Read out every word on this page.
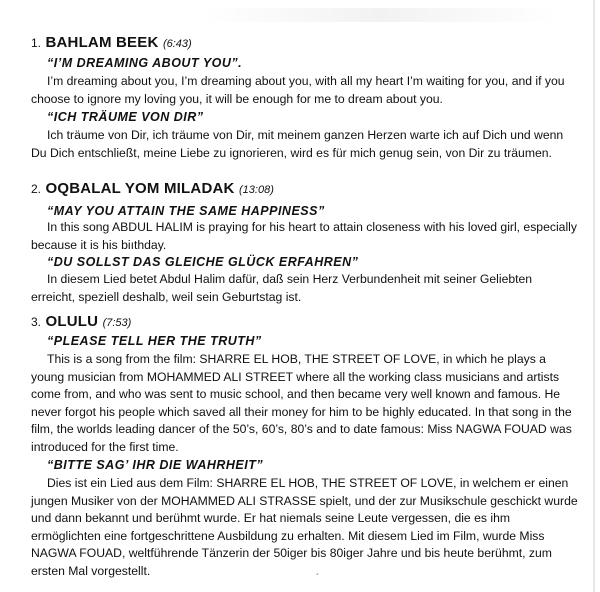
1. BAHLAM BEEK (6:43)
“I’M DREAMING ABOUT YOU”.
I’m dreaming about you, I’m dreaming about you, with all my heart I’m waiting for you, and if you choose to ignore my loving you, it will be enough for me to dream about you.
“ICH TRÄUME VON DIR”
Ich träume von Dir, ich träume von Dir, mit meinem ganzen Herzen warte ich auf Dich und wenn Du Dich entschließt, meine Liebe zu ignorieren, wird es für mich genug sein, von Dir zu träumen.
2. OQBALAL YOM MILADAK (13:08)
“MAY YOU ATTAIN THE SAME HAPPINESS”
In this song ABDUL HALIM is praying for his heart to attain closeness with his loved girl, especially because it is his biıthday.
“DU SOLLST DAS GLEICHE GLÜCK ERFAHREN”
In diesem Lied betet Abdul Halim dafür, daß sein Herz Verbundenheit mit seiner Geliebten erreicht, speziell deshalb, weil sein Geburtstag ist.
3. OLULU (7:53)
“PLEASE TELL HER THE TRUTH”
This is a song from the film: SHARRE EL HOB, THE STREET OF LOVE, in which he plays a young musician from MOHAMMED ALI STREET where all the working class musicians and artists come from, and who was sent to music school, and then became very well known and famous. He never forgot his people which saved all their money for him to be highly educated. In that song in the film, the worlds leading dancer of the 50’s, 60’s, 80’s and to date famous: Miss NAGWA FOUAD was introduced for the first time.
“BITTE SAG’ IHR DIE WAHRHEIT”
Dies ist ein Lied aus dem Film: SHARRE EL HOB, THE STREET OF LOVE, in welchem er einen jungen Musiker von der MOHAMMED ALI STRASSE spielt, und der zur Musikschule geschickt wurde und dann bekannt und berühmt wurde. Er hat niemals seine Leute vergessen, die es ihm ermöglichten eine fortgeschrittene Ausbildung zu erhalten. Mit diesem Lied im Film, wurde Miss NAGWA FOUAD, weltführende Tänzerin der 50iger bis 80iger Jahre und bis heute berühmt, zum ersten Mal vorgestellt.
´
